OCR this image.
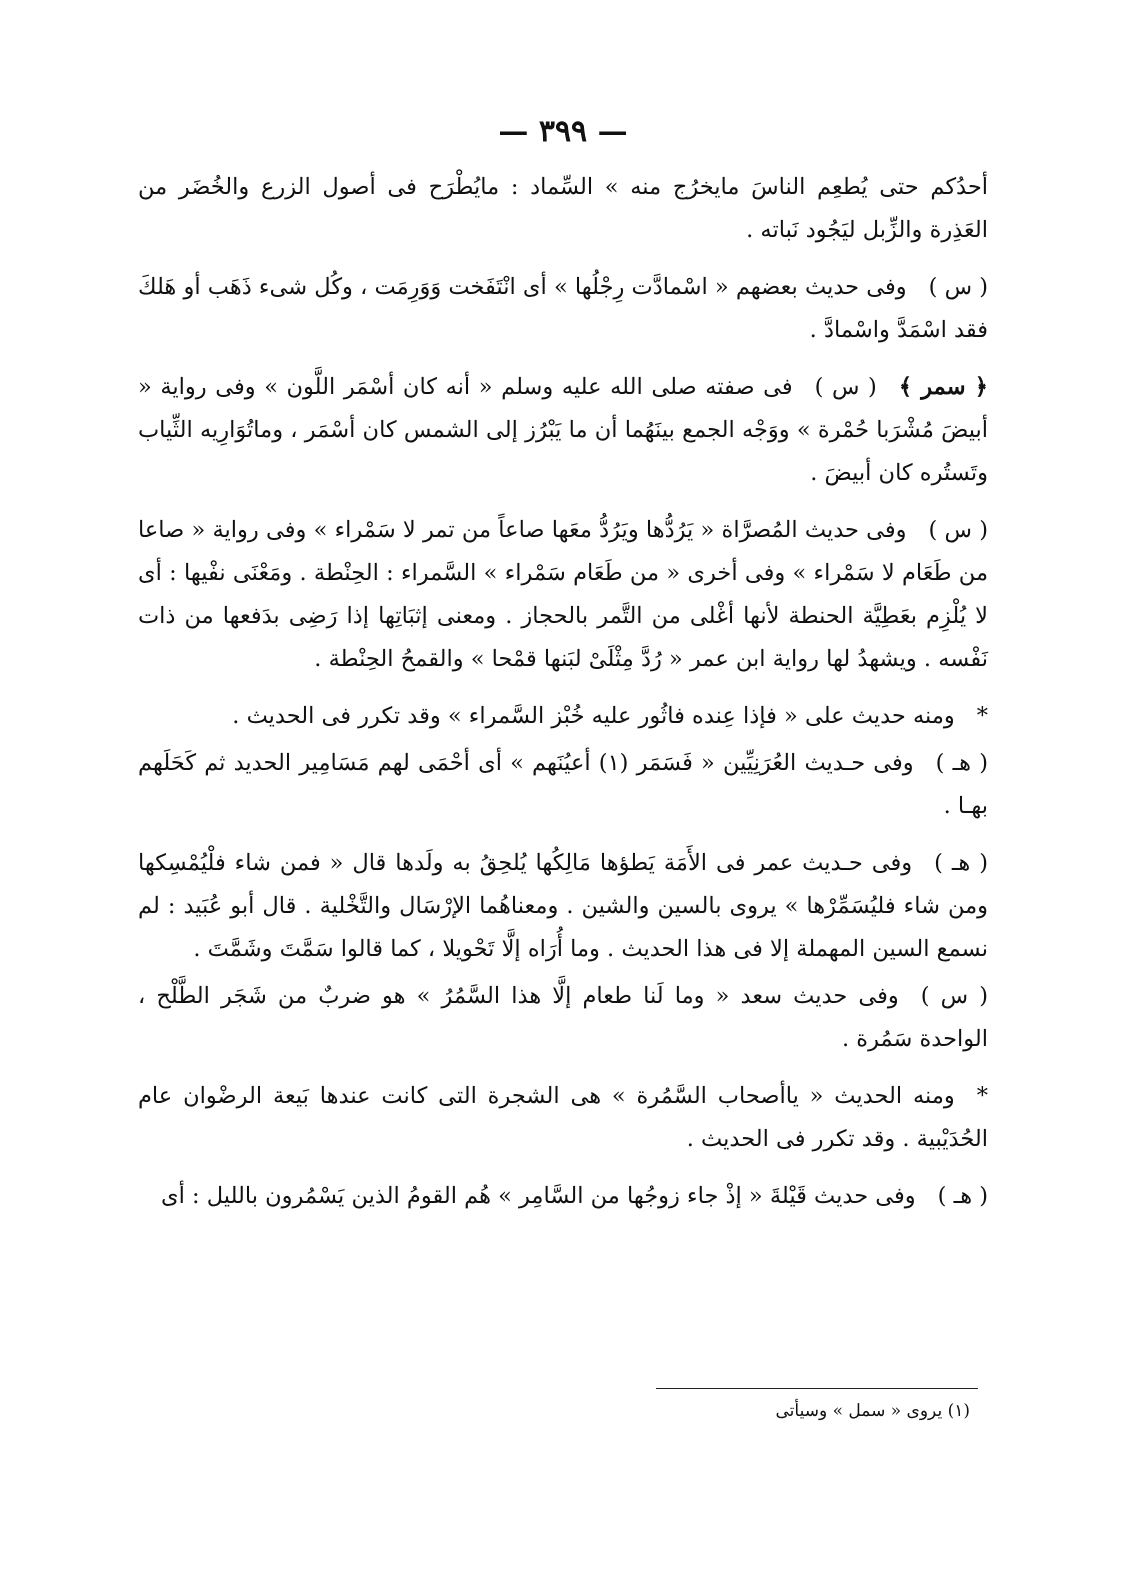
— ٣٩٩ —

أحدُكم حتى يُطعِم الناسَ مايخرُج منه » السِّماد : مايُطْرَح فى أصول الزرع والخُضَر من العَذِرة والزِّبل ليَجُود نَباته .

( س )وفى حديث بعضهم « اسْمادَّت رِجْلُها » أى انْتَفَخت وَوَرِمَت ، وكُل شىء ذَهَب أو هَلكَ فقد اسْمَدَّ واسْمادَّ .

﴿ سمر ﴾( س )فى صفته صلى الله عليه وسلم « أنه كان أسْمَر اللَّون » وفى رواية « أبيضَ مُشْرَبا حُمْرة » ووَجْه الجمع بينَهُما أن ما يَبْرُز إلى الشمس كان أسْمَر ، وماتُوَارِيه الثِّياب وتَستُره كان أبيضَ .

( س )وفى حديث المُصرَّاة « يَرُدُّها ويَرُدُّ معَها صاعاً من تمر لا سَمْراء » وفى رواية « صاعا من طَعَام لا سَمْراء » وفى أخرى « من طَعَام سَمْراء » السَّمراء : الحِنْطة . ومَعْنَى نفْيها : أى لا يُلْزِم بعَطِيَّة الحنطة لأنها أغْلى من التَّمر بالحجاز . ومعنى إثبَاتِها إذا رَضِى بدَفعها من ذات نَفْسه . ويشهدُ لها رواية ابن عمر « رُدَّ مِثْلَىْ لبَنها قمْحا » والقمحُ الحِنْطة .

*ومنه حديث على « فإذا عِنده فاثُور عليه خُبْز السَّمراء » وقد تكرر فى الحديث .

( هـ )وفى حـديث العُرَنِيِّين « فَسَمَر (١) أعيُنَهم » أى أحْمَى لهم مَسَامِير الحديد ثم كَحَلَهم بهـا .

( هـ )وفى حـديث عمر فى الأَمَة يَطؤها مَالِكُها يُلحِقُ به ولَدها قال « فمن شاء فلْيُمْسِكها ومن شاء فليُسَمِّرْها » يروى بالسين والشين . ومعناهُما الإرْسَال والتَّخْلية . قال أبو عُبَيد : لم نسمع السين المهملة إلا فى هذا الحديث . وما أُرَاه إلَّا تَحْويلا ، كما قالوا سَمَّتَ وشَمَّتَ .

( س )وفى حديث سعد « وما لَنا طعام إلَّا هذا السَّمُرُ » هو ضربٌ من شَجَر الطَّلْح ، الواحدة سَمُرة .

*ومنه الحديث « ياأصحاب السَّمُرة » هى الشجرة التى كانت عندها بَيعة الرضْوان عام الحُدَيْبية . وقد تكرر فى الحديث .

( هـ )وفى حديث قَيْلةَ « إذْ جاء زوجُها من السَّامِر » هُم القومُ الذين يَسْمُرون بالليل : أى

(١) يروى « سمل » وسيأتى
